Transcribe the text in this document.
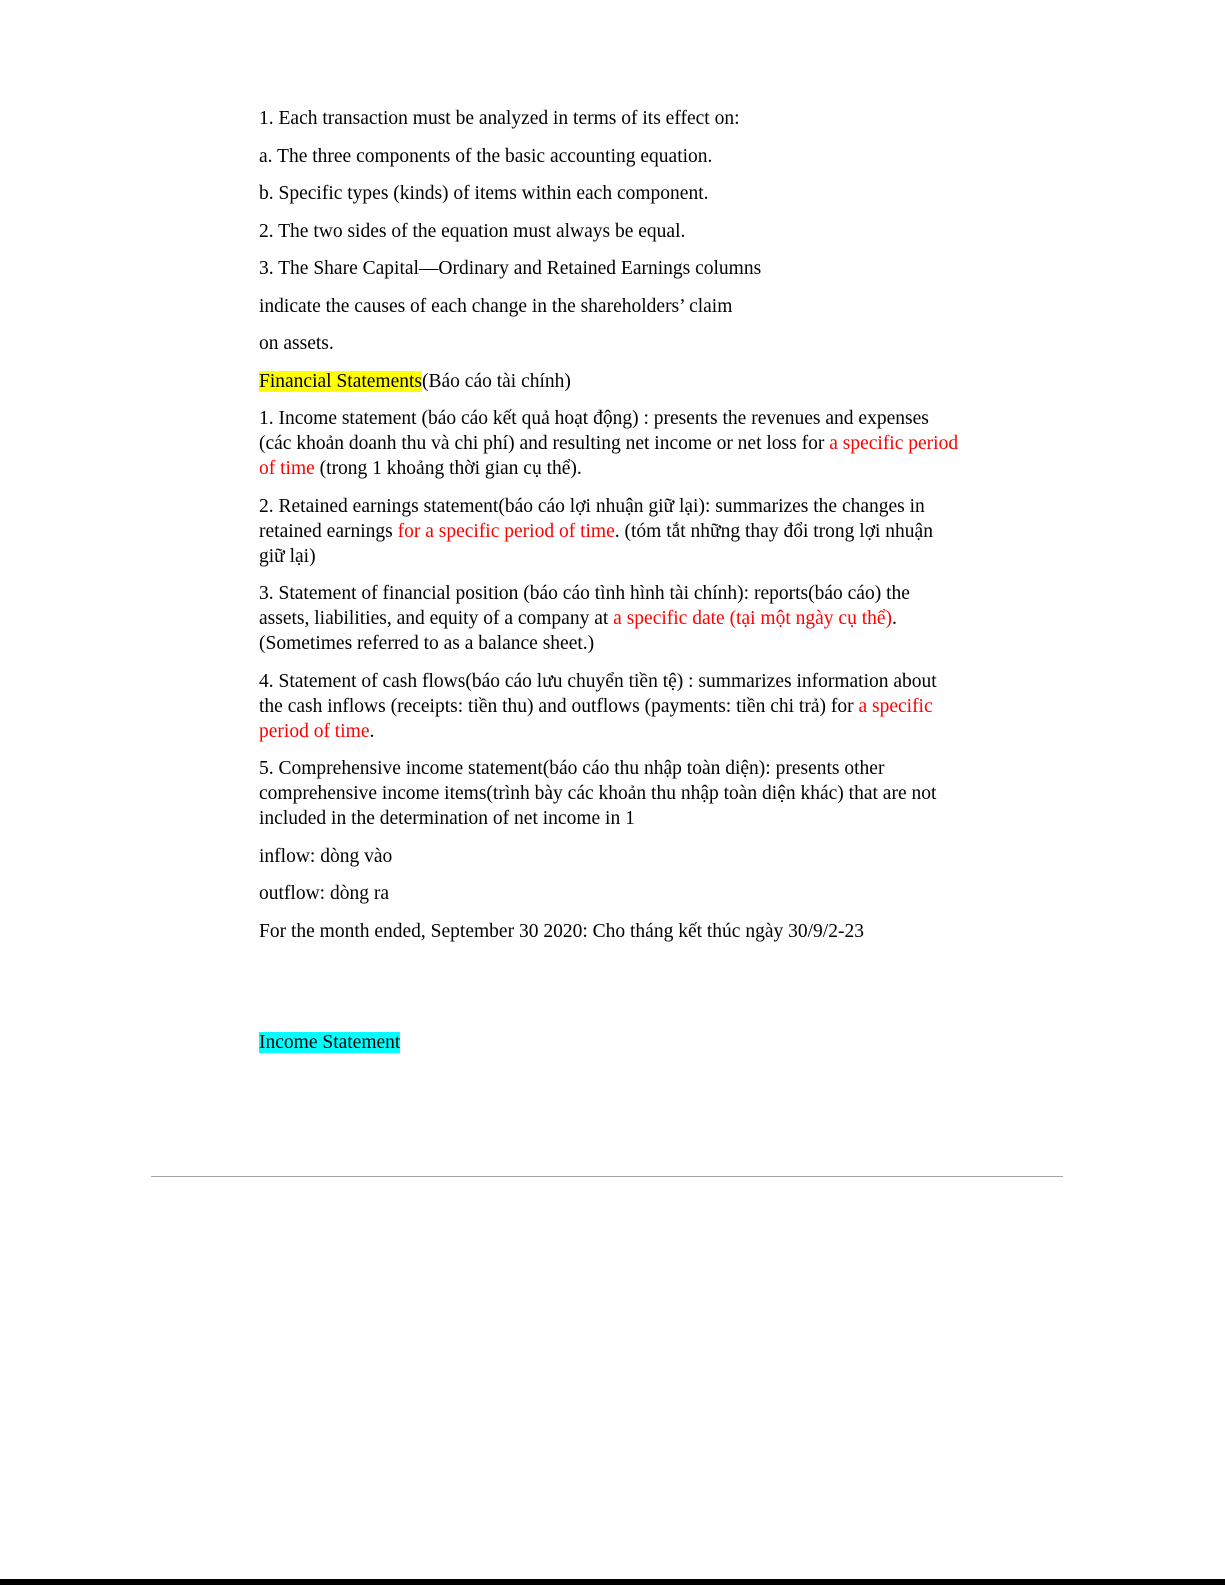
1. Each transaction must be analyzed in terms of its effect on:

a. The three components of the basic accounting equation.

b. Specific types (kinds) of items within each component.

2. The two sides of the equation must always be equal.

3. The Share Capital—Ordinary and Retained Earnings columns

indicate the causes of each change in the shareholders’ claim

on assets.

Financial Statements(Báo cáo tài chính)

1. Income statement (báo cáo kết quả hoạt động) : presents the revenues and expenses (các khoản doanh thu và chi phí) and resulting net income or net loss for a specific period of time (trong 1 khoảng thời gian cụ thể).

2. Retained earnings statement(báo cáo lợi nhuận giữ lại): summarizes the changes in retained earnings for a specific period of time. (tóm tắt những thay đổi trong lợi nhuận giữ lại)

3. Statement of financial position (báo cáo tình hình tài chính): reports(báo cáo) the assets, liabilities, and equity of a company at a specific date (tại một ngày cụ thể). (Sometimes referred to as a balance sheet.)

4. Statement of cash flows(báo cáo lưu chuyển tiền tệ) : summarizes information about the cash inflows (receipts: tiền thu) and outflows (payments: tiền chi trả) for a specific period of time.

5. Comprehensive income statement(báo cáo thu nhập toàn diện): presents other comprehensive income items(trình bày các khoản thu nhập toàn diện khác) that are not included in the determination of net income in 1

inflow: dòng vào

outflow: dòng ra

For the month ended, September 30 2020: Cho tháng kết thúc ngày 30/9/2-23

Income Statement
